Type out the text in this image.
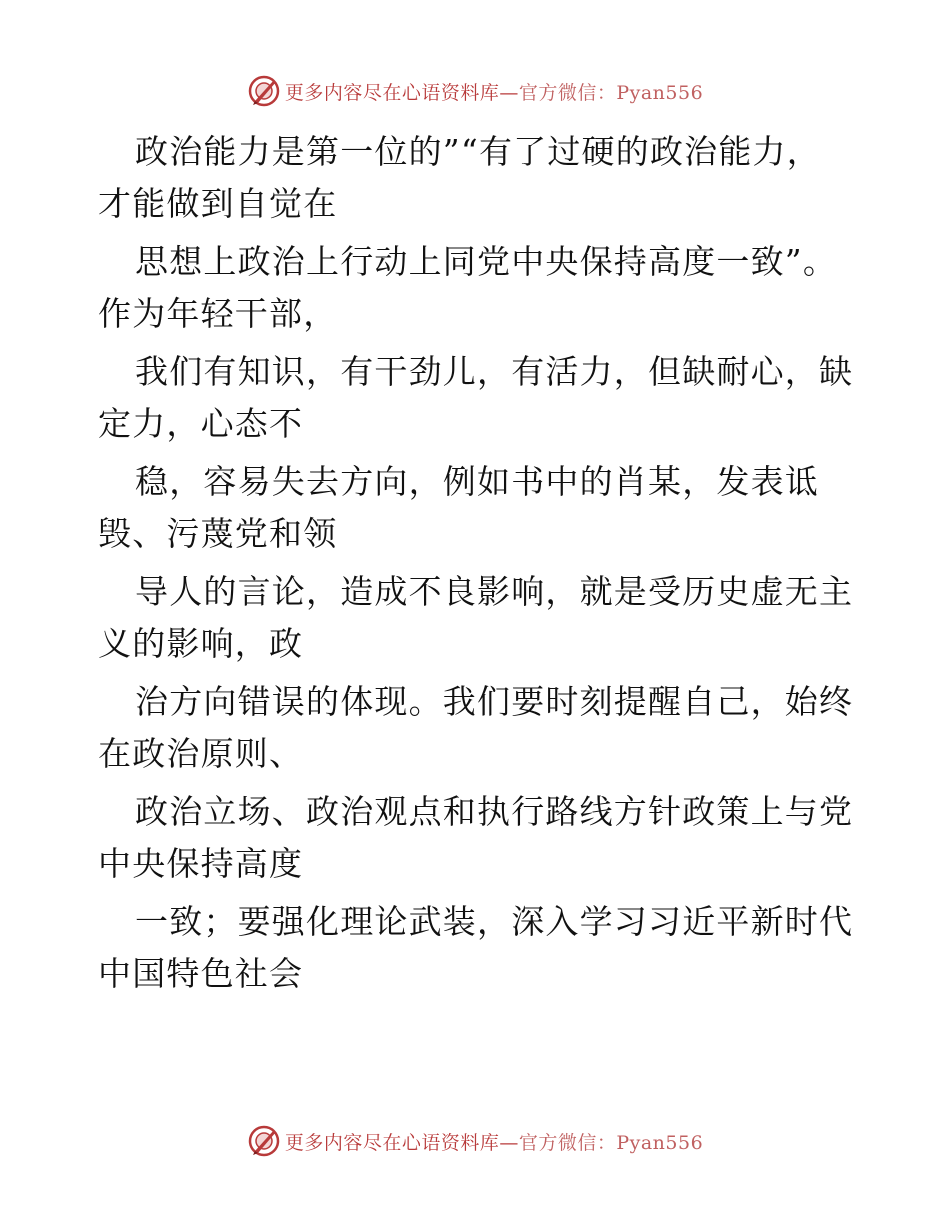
更多内容尽在心语资料库—官方微信：Pyan556
政治能力是第一位的”“有了过硬的政治能力，
才能做到自觉在
思想上政治上行动上同党中央保持高度一致”。
作为年轻干部，
我们有知识，有干劲儿，有活力，但缺耐心，缺
定力，心态不
稳，容易失去方向，例如书中的肖某，发表诋
毁、污蔑党和领
导人的言论，造成不良影响，就是受历史虚无主
义的影响，政
治方向错误的体现。我们要时刻提醒自己，始终
在政治原则、
政治立场、政治观点和执行路线方针政策上与党
中央保持高度
一致；要强化理论武装，深入学习习近平新时代
中国特色社会
更多内容尽在心语资料库—官方微信：Pyan556
